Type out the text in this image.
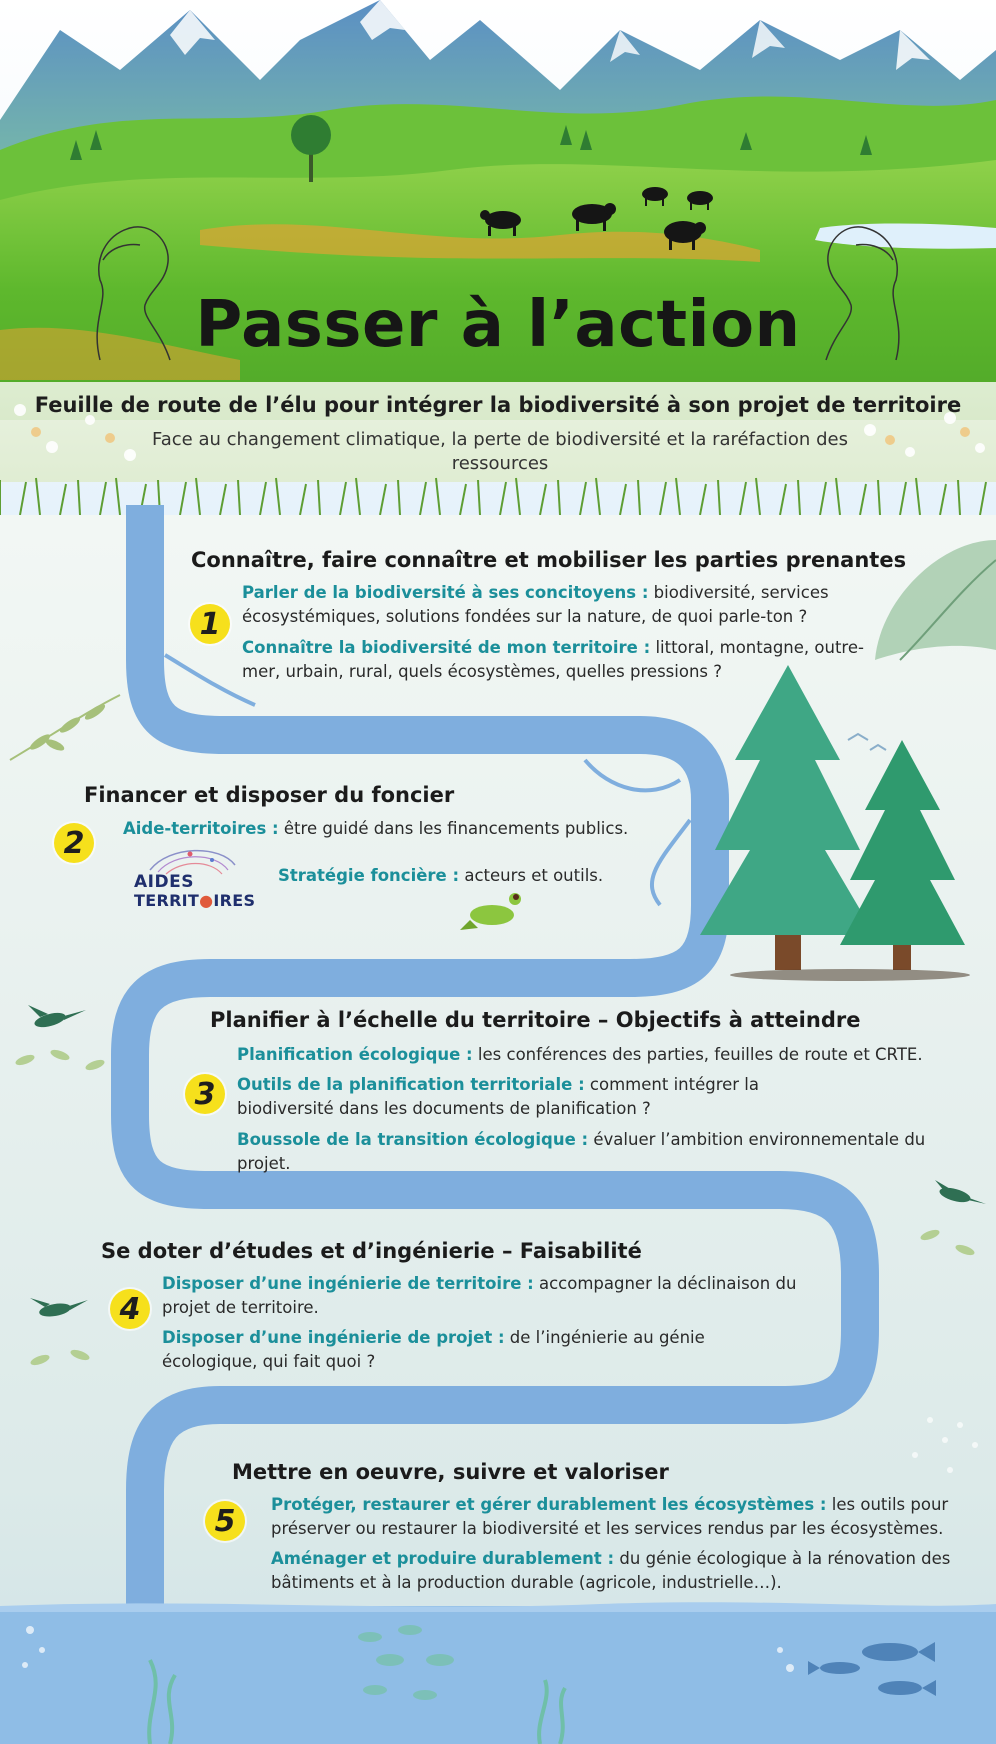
Passer à l’action
Feuille de route de l’élu pour intégrer la biodiversité à son projet de territoire
Face au changement climatique, la perte de biodiversité et la raréfaction des ressources
Connaître, faire connaître et mobiliser les parties prenantes
1
Parler de la biodiversité à ses concitoyens : biodiversité, services écosystémiques, solutions fondées sur la nature, de quoi parle-ton ?
Connaître la biodiversité de mon territoire : littoral, montagne, outre-mer, urbain, rural, quels écosystèmes, quelles pressions ?
Financer et disposer du foncier
2	Aide-territoires : être guidé dans les financements publics.
Stratégie foncière : acteurs et outils.
AIDES
TERRIT●IRES
Planifier à l’échelle du territoire – Objectifs à atteindre
3
Planification écologique : les conférences des parties, feuilles de route et CRTE.
Outils de la planification territoriale : comment intégrer la biodiversité dans les documents de planification ?
Boussole de la transition écologique : évaluer l’ambition environnementale du projet.
Se doter d’études et d’ingénierie – Faisabilité
4
Disposer d’une ingénierie de territoire : accompagner la déclinaison du projet de territoire.
Disposer d’une ingénierie de projet : de l’ingénierie au génie écologique, qui fait quoi ?
Mettre en oeuvre, suivre et valoriser
5	Protéger, restaurer et gérer durablement les écosystèmes : les outils pour préserver ou restaurer la biodiversité et les services rendus par les écosystèmes.
Aménager et produire durablement : du génie écologique à la rénovation des bâtiments et à la production durable (agricole, industrielle…).
